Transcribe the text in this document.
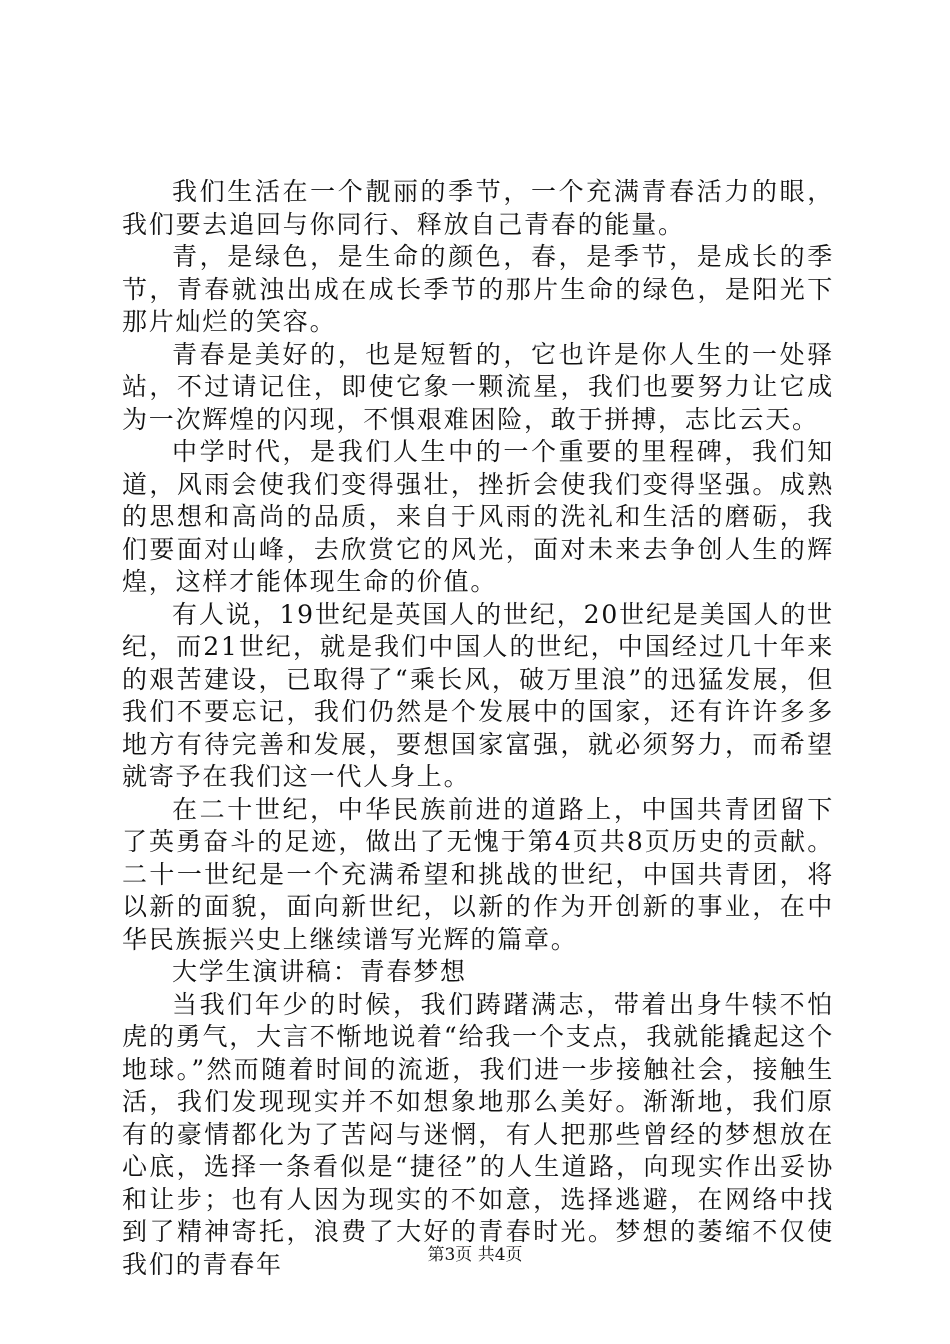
我们生活在一个靓丽的季节，一个充满青春活力的眼，我们要去追回与你同行、释放自己青春的能量。

青，是绿色，是生命的颜色，春，是季节，是成长的季节，青春就浊出成在成长季节的那片生命的绿色，是阳光下那片灿烂的笑容。

青春是美好的，也是短暂的，它也许是你人生的一处驿站，不过请记住，即使它象一颗流星，我们也要努力让它成为一次辉煌的闪现，不惧艰难困险，敢于拼搏，志比云天。

中学时代，是我们人生中的一个重要的里程碑，我们知道，风雨会使我们变得强壮，挫折会使我们变得坚强。成熟的思想和高尚的品质，来自于风雨的洗礼和生活的磨砺，我们要面对山峰，去欣赏它的风光，面对未来去争创人生的辉煌，这样才能体现生命的价值。

有人说，19世纪是英国人的世纪，20世纪是美国人的世纪，而21世纪，就是我们中国人的世纪，中国经过几十年来的艰苦建设，已取得了“乘长风，破万里浪”的迅猛发展，但我们不要忘记，我们仍然是个发展中的国家，还有许许多多地方有待完善和发展，要想国家富强，就必须努力，而希望就寄予在我们这一代人身上。

在二十世纪，中华民族前进的道路上，中国共青团留下了英勇奋斗的足迹，做出了无愧于第4页共8页历史的贡献。二十一世纪是一个充满希望和挑战的世纪，中国共青团，将以新的面貌，面向新世纪，以新的作为开创新的事业，在中华民族振兴史上继续谱写光辉的篇章。

大学生演讲稿：青春梦想

当我们年少的时候，我们踌躇满志，带着出身牛犊不怕虎的勇气，大言不惭地说着“给我一个支点，我就能撬起这个地球。”然而随着时间的流逝，我们进一步接触社会，接触生活，我们发现现实并不如想象地那么美好。渐渐地，我们原有的豪情都化为了苦闷与迷惘，有人把那些曾经的梦想放在心底，选择一条看似是“捷径”的人生道路，向现实作出妥协和让步；也有人因为现实的不如意，选择逃避，在网络中找到了精神寄托，浪费了大好的青春时光。梦想的萎缩不仅使我们的青春年	第3页 共4页
